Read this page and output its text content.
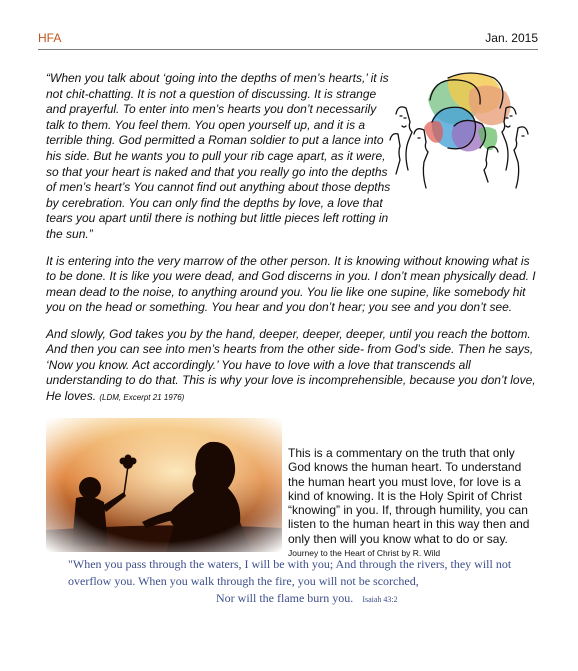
HFA	Jan. 2015

“When you talk about ‘going into the depths of men’s hearts,’ it is not chit-chatting. It is not a question of discussing. It is strange and prayerful. To enter into men’s hearts you don’t necessarily talk to them. You feel them. You open yourself up, and it is a terrible thing. God permitted a Roman soldier to put a lance into his side. But he wants you to pull your rib cage apart, as it were, so that your heart is naked and that you really go into the depths of men’s heart’s You cannot find out anything about those depths by cerebration. You can only find the depths by love, a love that tears you apart until there is nothing but little pieces left rotting in the sun.”

It is entering into the very marrow of the other person. It is knowing without knowing what is to be done. It is like you were dead, and God discerns in you. I don’t mean physically dead. I mean dead to the noise, to anything around you. You lie like one supine, like somebody hit you on the head or something. You hear and you don’t hear; you see and you don’t see.

And slowly, God takes you by the hand, deeper, deeper, deeper, until you reach the bottom. And then you can see into men’s hearts from the other side- from God’s side. Then he says, ‘Now you know. Act accordingly.’ You have to love with a love that transcends all understanding to do that. This is why your love is incomprehensible, because you don’t love, He loves. (LDM, Excerpt 21 1976)

This is a commentary on the truth that only God knows the human heart. To understand the human heart you must love, for love is a kind of knowing. It is the Holy Spirit of Christ “knowing” in you. If, through humility, you can listen to the human heart in this way then and only then will you know what to do or say.

Journey to the Heart of Christ by R. Wild

"When you pass through the waters, I will be with you; And through the rivers, they will not
overflow you. When you walk through the fire, you will not be scorched,
Nor will the flame burn you. Isaiah 43:2
